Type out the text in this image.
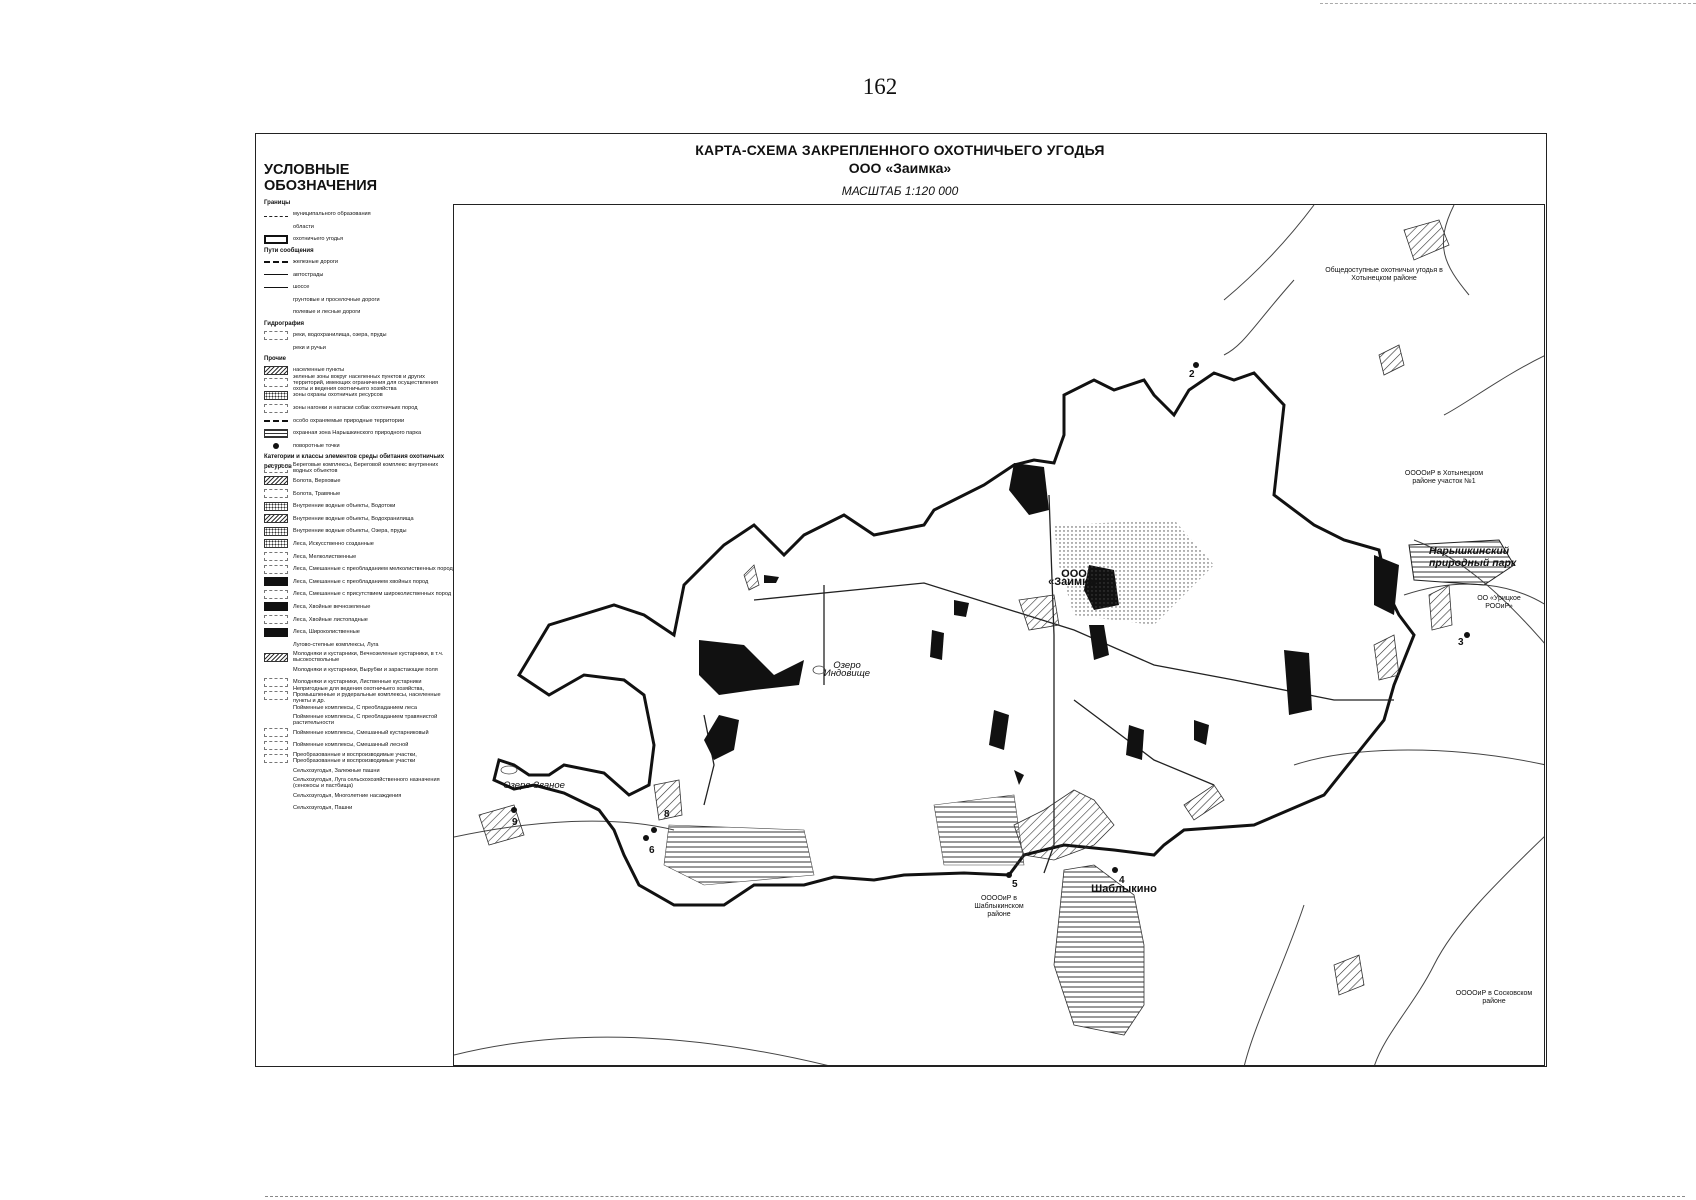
162
КАРТА-СХЕМА ЗАКРЕПЛЕННОГО ОХОТНИЧЬЕГО УГОДЬЯ
ООО «Заимка»
МАСШТАБ 1:120 000
УСЛОВНЫЕ ОБОЗНАЧЕНИЯ
Границы
муниципального образования
области
охотничьего угодья
Пути сообщения
железные дороги
автострады
шоссе
грунтовые и проселочные дороги
полевые и лесные дороги
Гидрография
реки, водохранилища, озера, пруды
реки и ручьи
Прочие
населенные пункты
зеленые зоны вокруг населенных пунктов и других территорий, имеющих ограничения для осуществления охоты и ведения охотничьего хозяйства
зоны охраны охотничьих ресурсов
зоны нагонки и натаски собак охотничьих пород
особо охраняемые природные территории
охранная зона Нарышкинского природного парка
поворотные точки
Категории и классы элементов среды обитания охотничьих ресурсов Береговые комплексы, Береговой комплекс внутренних водных объектов
Болота, Верховые
Болота, Травяные
Внутренние водные объекты, Водотоки
Внутренние водные объекты, Водохранилища
Внутренние водные объекты, Озера, пруды
Леса, Искусственно созданные
Леса, Мелколиственные
Леса, Смешанные с преобладанием мелколиственных пород
Леса, Смешанные с преобладанием хвойных пород
Леса, Смешанные с присутствием широколиственных пород
Леса, Хвойные вечнозеленые
Леса, Хвойные листопадные
Леса, Широколиственные
Лугово-степные комплексы, Луга
Молодняки и кустарники, Вечнозеленые кустарники, в т.ч. высокоствольные
Молодняки и кустарники, Вырубки и зарастающие поля
Молодняки и кустарники, Лиственные кустарники
Непригодные для ведения охотничьего хозяйства, Промышленные и рудеральные комплексы, населенные пункты и др.
Пойменные комплексы, С преобладанием леса
Пойменные комплексы, С преобладанием травянистой растительности
Пойменные комплексы, Смешанный кустарниковый
Пойменные комплексы, Смешанный лесной
Преобразованные и воспроизводимые участки, Преобразованные и воспроизводимые участки
Сельхозугодья, Залежные пашни
Сельхозугодья, Луга сельскохозяйственного назначения (сенокосы и пастбища)
Сельхозугодья, Многолетние насаждения
Сельхозугодья, Пашни
ООО «Заимка»
Общедоступные охотничьи угодья в Хотынецком районе
ООООиР в Хотынецком районе участок №1
ОО «Урицкое РООиР»
ООООиР в Шаблыкинском районе
ООООиР в Сосковском районе
Шаблыкино
Озеро Индовище
Озеро Званое
Нарышкинский природный парк
2
3
4
5
6
8
9
